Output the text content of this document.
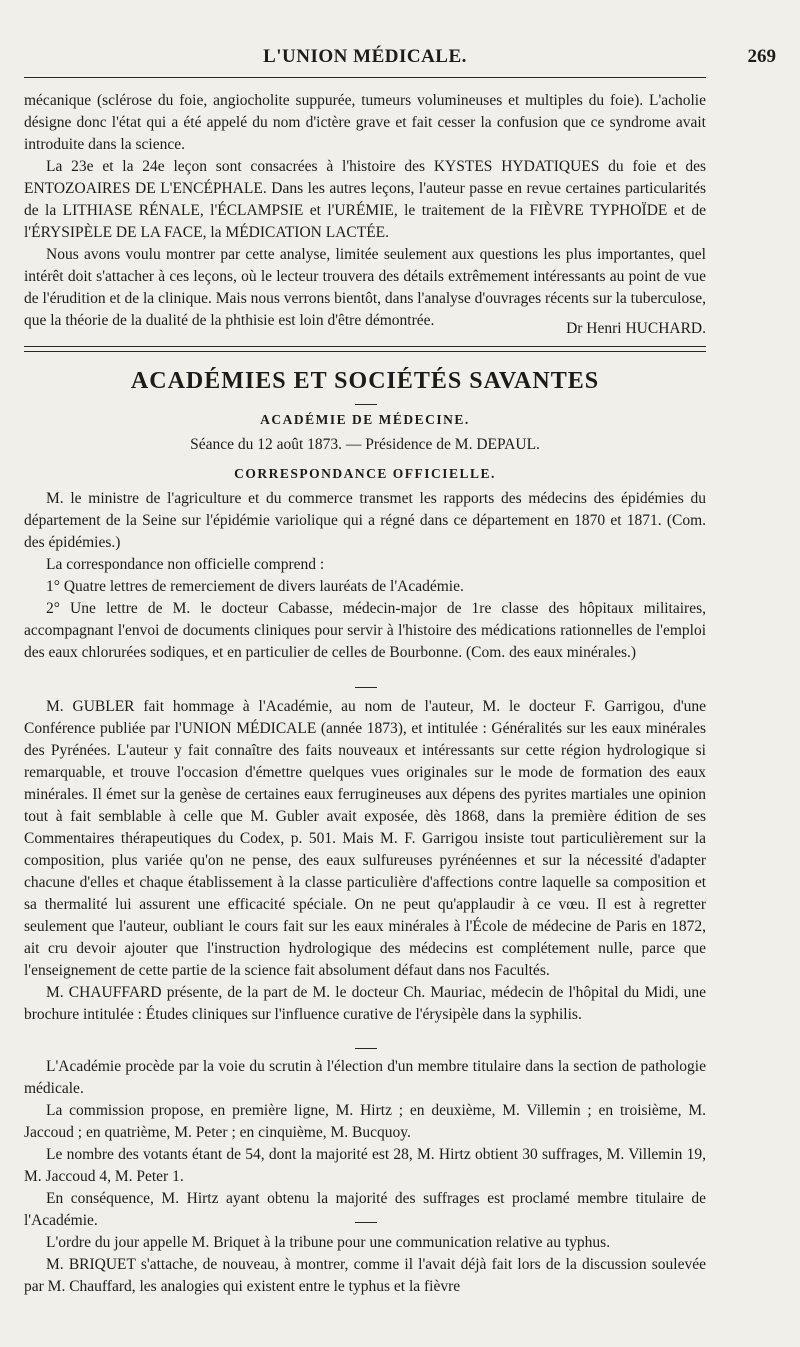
L'UNION MÉDICALE.	269

mécanique (sclérose du foie, angiocholite suppurée, tumeurs volumineuses et multiples du foie). L'acholie désigne donc l'état qui a été appelé du nom d'ictère grave et fait cesser la confusion que ce syndrome avait introduite dans la science.

La 23e et la 24e leçon sont consacrées à l'histoire des KYSTES HYDATIQUES du foie et des ENTOZOAIRES DE L'ENCÉPHALE. Dans les autres leçons, l'auteur passe en revue certaines particularités de la LITHIASE RÉNALE, l'ÉCLAMPSIE et l'URÉMIE, le traitement de la FIÈVRE TYPHOÏDE et de l'ÉRYSIPÈLE DE LA FACE, la MÉDICATION LACTÉE.

Nous avons voulu montrer par cette analyse, limitée seulement aux questions les plus importantes, quel intérêt doit s'attacher à ces leçons, où le lecteur trouvera des détails extrêmement intéressants au point de vue de l'érudition et de la clinique. Mais nous verrons bientôt, dans l'analyse d'ouvrages récents sur la tuberculose, que la théorie de la dualité de la phthisie est loin d'être démontrée.	Dr Henri HUCHARD.
ACADÉMIES ET SOCIÉTÉS SAVANTES
ACADÉMIE DE MÉDECINE.
Séance du 12 août 1873. — Présidence de M. DEPAUL.
CORRESPONDANCE OFFICIELLE.

M. le ministre de l'agriculture et du commerce transmet les rapports des médecins des épidémies du département de la Seine sur l'épidémie variolique qui a régné dans ce département en 1870 et 1871. (Com. des épidémies.)

La correspondance non officielle comprend :

1° Quatre lettres de remerciement de divers lauréats de l'Académie.

2° Une lettre de M. le docteur Cabasse, médecin-major de 1re classe des hôpitaux militaires, accompagnant l'envoi de documents cliniques pour servir à l'histoire des médications rationnelles de l'emploi des eaux chlorurées sodiques, et en particulier de celles de Bourbonne. (Com. des eaux minérales.)

M. GUBLER fait hommage à l'Académie, au nom de l'auteur, M. le docteur F. Garrigou, d'une Conférence publiée par l'UNION MÉDICALE (année 1873), et intitulée : Généralités sur les eaux minérales des Pyrénées. L'auteur y fait connaître des faits nouveaux et intéressants sur cette région hydrologique si remarquable, et trouve l'occasion d'émettre quelques vues originales sur le mode de formation des eaux minérales. Il émet sur la genèse de certaines eaux ferrugineuses aux dépens des pyrites martiales une opinion tout à fait semblable à celle que M. Gubler avait exposée, dès 1868, dans la première édition de ses Commentaires thérapeutiques du Codex, p. 501. Mais M. F. Garrigou insiste tout particulièrement sur la composition, plus variée qu'on ne pense, des eaux sulfureuses pyrénéennes et sur la nécessité d'adapter chacune d'elles et chaque établissement à la classe particulière d'affections contre laquelle sa composition et sa thermalité lui assurent une efficacité spéciale. On ne peut qu'applaudir à ce vœu. Il est à regretter seulement que l'auteur, oubliant le cours fait sur les eaux minérales à l'École de médecine de Paris en 1872, ait cru devoir ajouter que l'instruction hydrologique des médecins est complétement nulle, parce que l'enseignement de cette partie de la science fait absolument défaut dans nos Facultés.

M. CHAUFFARD présente, de la part de M. le docteur Ch. Mauriac, médecin de l'hôpital du Midi, une brochure intitulée : Études cliniques sur l'influence curative de l'érysipèle dans la syphilis.

L'Académie procède par la voie du scrutin à l'élection d'un membre titulaire dans la section de pathologie médicale.

La commission propose, en première ligne, M. Hirtz ; en deuxième, M. Villemin ; en troisième, M. Jaccoud ; en quatrième, M. Peter ; en cinquième, M. Bucquoy.

Le nombre des votants étant de 54, dont la majorité est 28, M. Hirtz obtient 30 suffrages, M. Villemin 19, M. Jaccoud 4, M. Peter 1.

En conséquence, M. Hirtz ayant obtenu la majorité des suffrages est proclamé membre titulaire de l'Académie.

L'ordre du jour appelle M. Briquet à la tribune pour une communication relative au typhus.

M. BRIQUET s'attache, de nouveau, à montrer, comme il l'avait déjà fait lors de la discussion soulevée par M. Chauffard, les analogies qui existent entre le typhus et la fièvre
